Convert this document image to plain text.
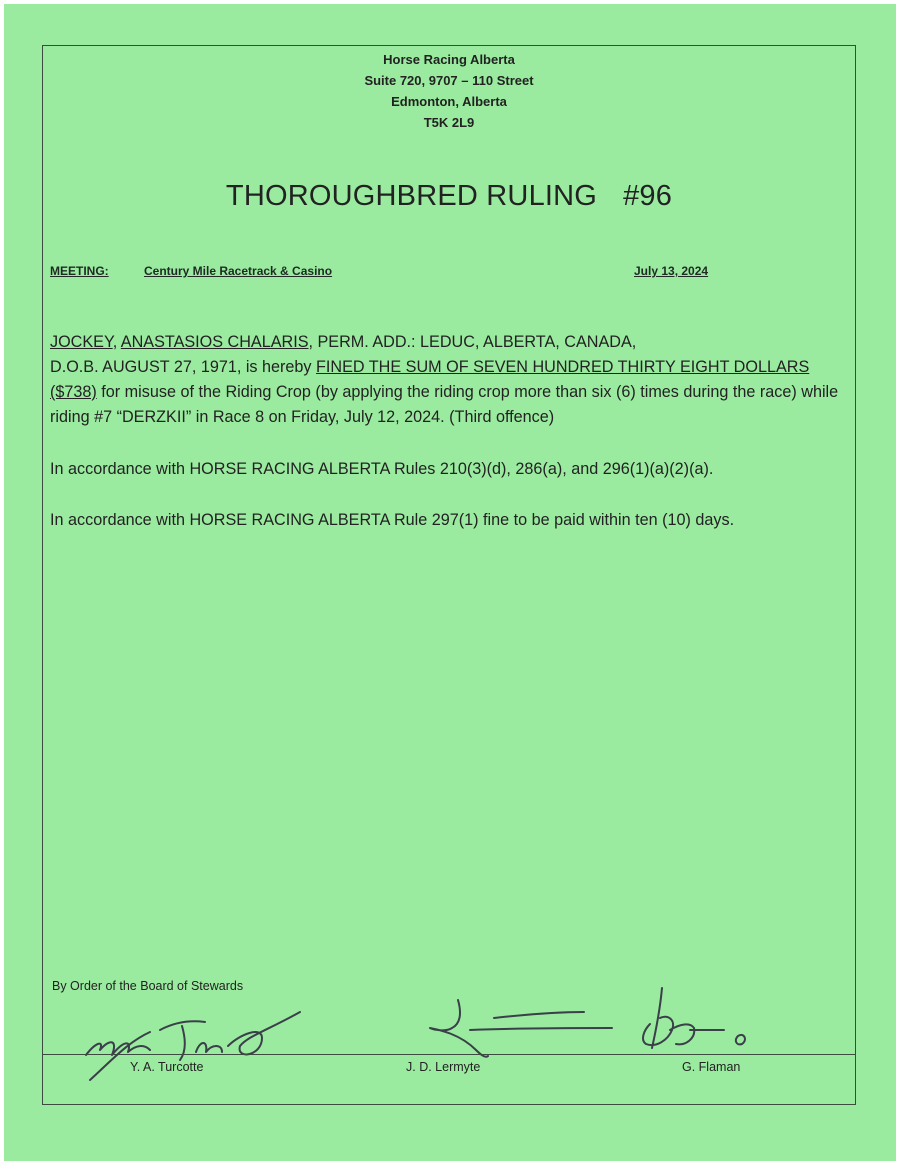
Horse Racing Alberta
Suite 720, 9707 – 110 Street
Edmonton, Alberta
T5K 2L9
THOROUGHBRED RULING #96
MEETING:	Century Mile Racetrack & Casino	July 13, 2024
JOCKEY, ANASTASIOS CHALARIS, PERM. ADD.: LEDUC, ALBERTA, CANADA,
D.O.B. AUGUST 27, 1971, is hereby FINED THE SUM OF SEVEN HUNDRED THIRTY EIGHT DOLLARS
($738) for misuse of the Riding Crop (by applying the riding crop more than six (6) times during the race) while riding #7 “DERZKII” in Race 8 on Friday, July 12, 2024. (Third offence)
In accordance with HORSE RACING ALBERTA Rules 210(3)(d), 286(a), and 296(1)(a)(2)(a).
In accordance with HORSE RACING ALBERTA Rule 297(1) fine to be paid within ten (10) days.
By Order of the Board of Stewards
Y. A. Turcotte	J. D. Lermyte	G. Flaman
